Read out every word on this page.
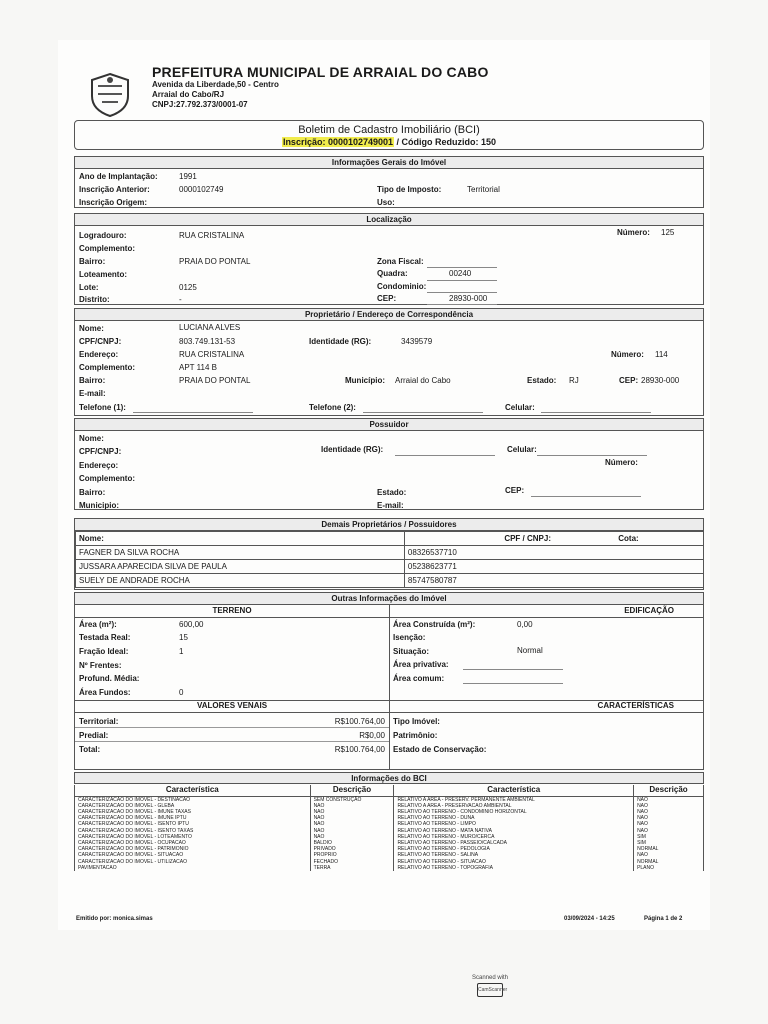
PREFEITURA MUNICIPAL DE ARRAIAL DO CABO
Avenida da Liberdade,50 - Centro
Arraial do Cabo/RJ
CNPJ:27.792.373/0001-07
Boletim de Cadastro Imobiliário (BCI)
Inscrição: 0000102749001 / Código Reduzido: 150
Informações Gerais do Imóvel
Ano de Implantação:	1991
Inscrição Anterior:	0000102749
Inscrição Origem:
Tipo de Imposto:	Territorial
Uso:
Localização
Logradouro:	RUA CRISTALINA	Número: 125
Complemento:
Bairro:	PRAIA DO PONTAL
Loteamento:
Lote:	0125
Distrito:	-
Zona Fiscal:
Quadra:	00240
Condominio:
CEP:	28930-000
Proprietário / Endereço de Correspondência
Nome:	LUCIANA ALVES
CPF/CNPJ:	803.749.131-53	Identidade (RG):	3439579
Endereço:	RUA CRISTALINA	Número: 114
Complemento:	APT 114 B
Bairro:	PRAIA DO PONTAL	Município: Arraial do Cabo	Estado: RJ	CEP: 28930-000
E-mail:
Telefone (1):	Telefone (2):	Celular:
Possuidor
Nome:
CPF/CNPJ:	Identidade (RG):	Celular:
Endereço:	Número:
Complemento:
Bairro:	Estado:	CEP:
Municipio:	E-mail:
Demais Proprietários / Possuidores
Nome:	CPF / CNPJ:	Cota:
FAGNER DA SILVA ROCHA	08326537710	
JUSSARA APARECIDA SILVA DE PAULA	05238623771	
SUELY DE ANDRADE ROCHA	85747580787	
Outras Informações do Imóvel
TERRENO	EDIFICAÇÃO
Área (m²):	600,00
Testada Real:	15
Fração Ideal:	1
Nº Frentes:
Profund. Média:
Área Fundos:	0
Área Construída (m²):	0,00
Isenção:
Situação:	Normal
Área privativa:
Área comum:
VALORES VENAIS	CARACTERÍSTICAS
Territorial:	R$100.764,00
Predial:	R$0,00
Total:	R$100.764,00
Tipo Imóvel:
Patrimônio:
Estado de Conservação:
Informações do BCI
Característica	Descrição	Característica	Descrição
CARACTERIZACAO DO IMOVEL - DESTINACAO	SEM CONSTRUÇÃO	RELATIVO A AREA - PRESERV. PERMANENTE AMBIENTAL	NAO
CARACTERIZACAO DO IMOVEL - GLEBA	NAO	RELATIVO A AREA - PRESERVACAO AMBIENTAL	NAO
CARACTERIZACAO DO IMOVEL - IMUNE TAXAS	NAO	RELATIVO AO TERRENO - CONDOMINIO HORIZONTAL	NAO
CARACTERIZACAO DO IMOVEL - IMUNE IPTU	NAO	RELATIVO AO TERRENO - DUNA	NAO
CARACTERIZACAO DO IMOVEL - ISENTO IPTU	NAO	RELATIVO AO TERRENO - LIMPO	NAO
CARACTERIZACAO DO IMOVEL - ISENTO TAXAS	NAO	RELATIVO AO TERRENO - MATA NATIVA	NAO
CARACTERIZACAO DO IMOVEL - LOTEAMENTO	NAO	RELATIVO AO TERRENO - MURO/CERCA	SIM
CARACTERIZACAO DO IMOVEL - OCUPACAO	BALDIO	RELATIVO AO TERRENO - PASSEIO/CALCADA	SIM
CARACTERIZACAO DO IMOVEL - PATRIMONIO	PRIVADO	RELATIVO AO TERRENO - PEDOLOGIA	NORMAL
CARACTERIZACAO DO IMOVEL - SITUACAO	PROPRIO	RELATIVO AO TERRENO - SALINA	NAO
CARACTERIZACAO DO IMOVEL - UTILIZACAO	FECHADO	RELATIVO AO TERRENO - SITUACAO	NORMAL
PAVIMENTACAO	TERRA	RELATIVO AO TERRENO - TOPOGRAFIA	PLANO
Emitido por: monica.simas	03/09/2024 - 14:25	Página 1 de 2
Scanned with
CamScanner
